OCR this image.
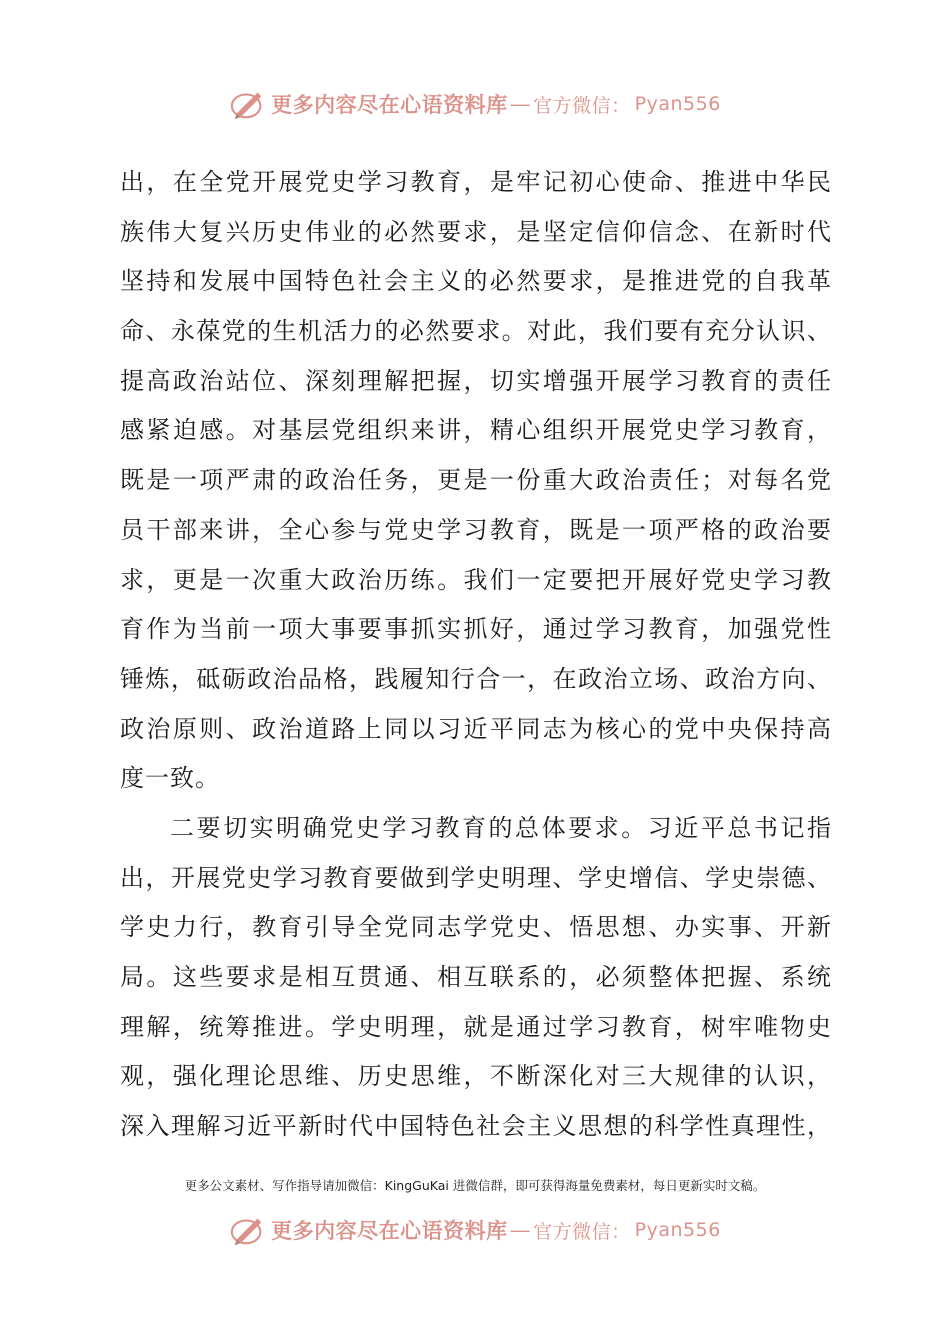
更多内容尽在心语资料库 — 官方微信： Pyan556
出，在全党开展党史学习教育，是牢记初心使命、推进中华民
族伟大复兴历史伟业的必然要求，是坚定信仰信念、在新时代
坚持和发展中国特色社会主义的必然要求，是推进党的自我革
命、永葆党的生机活力的必然要求。对此，我们要有充分认识、
提高政治站位、深刻理解把握，切实增强开展学习教育的责任
感紧迫感。对基层党组织来讲，精心组织开展党史学习教育，
既是一项严肃的政治任务，更是一份重大政治责任；对每名党
员干部来讲，全心参与党史学习教育，既是一项严格的政治要
求，更是一次重大政治历练。我们一定要把开展好党史学习教
育作为当前一项大事要事抓实抓好，通过学习教育，加强党性
锤炼，砥砺政治品格，践履知行合一，在政治立场、政治方向、
政治原则、政治道路上同以习近平同志为核心的党中央保持高
度一致。
二要切实明确党史学习教育的总体要求。习近平总书记指
出，开展党史学习教育要做到学史明理、学史增信、学史崇德、
学史力行，教育引导全党同志学党史、悟思想、办实事、开新
局。这些要求是相互贯通、相互联系的，必须整体把握、系统
理解，统筹推进。学史明理，就是通过学习教育，树牢唯物史
观，强化理论思维、历史思维，不断深化对三大规律的认识，
深入理解习近平新时代中国特色社会主义思想的科学性真理性，
更多公文素材、写作指导请加微信：KingGuKai 进微信群，即可获得海量免费素材，每日更新实时文稿。
更多内容尽在心语资料库 — 官方微信： Pyan556
